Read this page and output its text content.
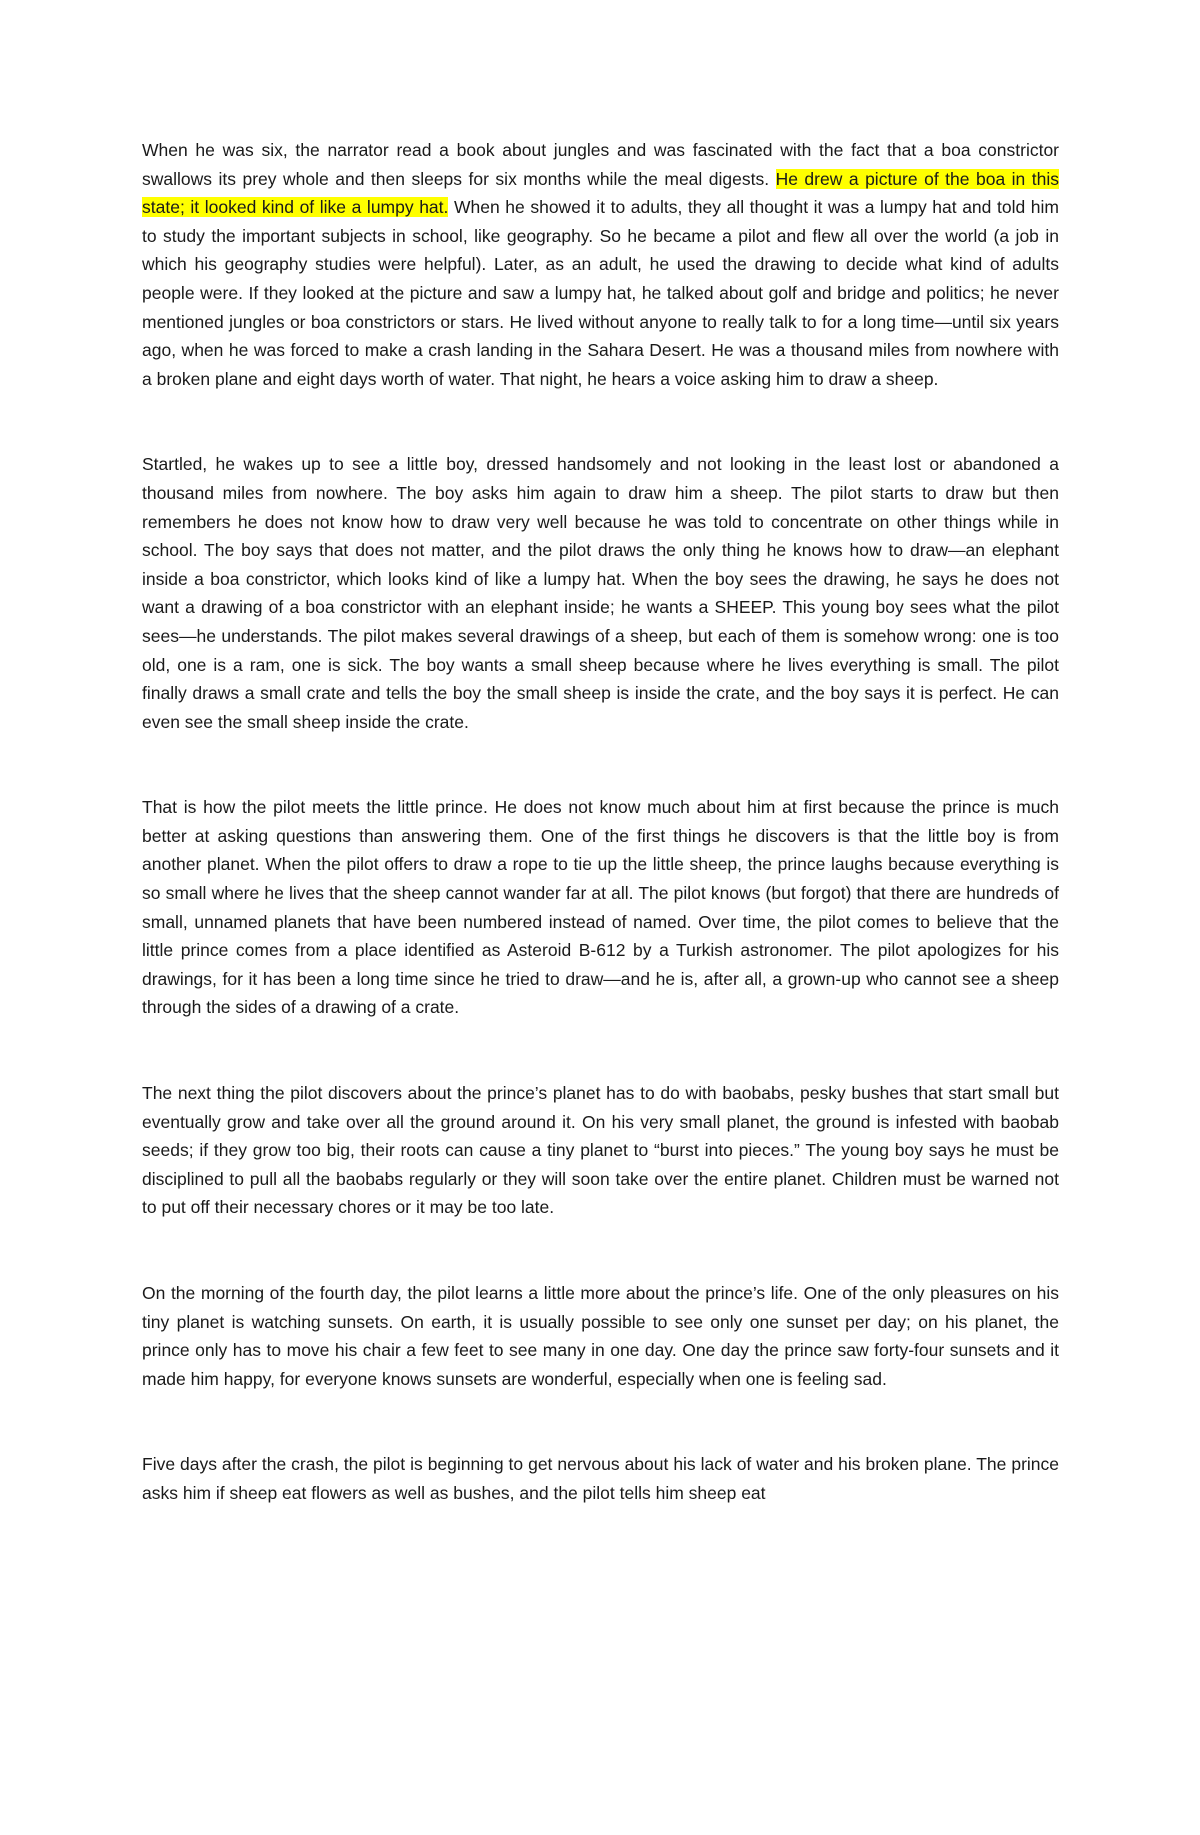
When he was six, the narrator read a book about jungles and was fascinated with the fact that a boa constrictor swallows its prey whole and then sleeps for six months while the meal digests. He drew a picture of the boa in this state; it looked kind of like a lumpy hat. When he showed it to adults, they all thought it was a lumpy hat and told him to study the important subjects in school, like geography. So he became a pilot and flew all over the world (a job in which his geography studies were helpful). Later, as an adult, he used the drawing to decide what kind of adults people were. If they looked at the picture and saw a lumpy hat, he talked about golf and bridge and politics; he never mentioned jungles or boa constrictors or stars. He lived without anyone to really talk to for a long time—until six years ago, when he was forced to make a crash landing in the Sahara Desert. He was a thousand miles from nowhere with a broken plane and eight days worth of water. That night, he hears a voice asking him to draw a sheep.

Startled, he wakes up to see a little boy, dressed handsomely and not looking in the least lost or abandoned a thousand miles from nowhere. The boy asks him again to draw him a sheep. The pilot starts to draw but then remembers he does not know how to draw very well because he was told to concentrate on other things while in school. The boy says that does not matter, and the pilot draws the only thing he knows how to draw—an elephant inside a boa constrictor, which looks kind of like a lumpy hat. When the boy sees the drawing, he says he does not want a drawing of a boa constrictor with an elephant inside; he wants a SHEEP. This young boy sees what the pilot sees—he understands. The pilot makes several drawings of a sheep, but each of them is somehow wrong: one is too old, one is a ram, one is sick. The boy wants a small sheep because where he lives everything is small. The pilot finally draws a small crate and tells the boy the small sheep is inside the crate, and the boy says it is perfect. He can even see the small sheep inside the crate.

That is how the pilot meets the little prince. He does not know much about him at first because the prince is much better at asking questions than answering them. One of the first things he discovers is that the little boy is from another planet. When the pilot offers to draw a rope to tie up the little sheep, the prince laughs because everything is so small where he lives that the sheep cannot wander far at all. The pilot knows (but forgot) that there are hundreds of small, unnamed planets that have been numbered instead of named. Over time, the pilot comes to believe that the little prince comes from a place identified as Asteroid B-612 by a Turkish astronomer. The pilot apologizes for his drawings, for it has been a long time since he tried to draw—and he is, after all, a grown-up who cannot see a sheep through the sides of a drawing of a crate.

The next thing the pilot discovers about the prince’s planet has to do with baobabs, pesky bushes that start small but eventually grow and take over all the ground around it. On his very small planet, the ground is infested with baobab seeds; if they grow too big, their roots can cause a tiny planet to “burst into pieces.” The young boy says he must be disciplined to pull all the baobabs regularly or they will soon take over the entire planet. Children must be warned not to put off their necessary chores or it may be too late.

On the morning of the fourth day, the pilot learns a little more about the prince’s life. One of the only pleasures on his tiny planet is watching sunsets. On earth, it is usually possible to see only one sunset per day; on his planet, the prince only has to move his chair a few feet to see many in one day. One day the prince saw forty-four sunsets and it made him happy, for everyone knows sunsets are wonderful, especially when one is feeling sad.

Five days after the crash, the pilot is beginning to get nervous about his lack of water and his broken plane. The prince asks him if sheep eat flowers as well as bushes, and the pilot tells him sheep eat
